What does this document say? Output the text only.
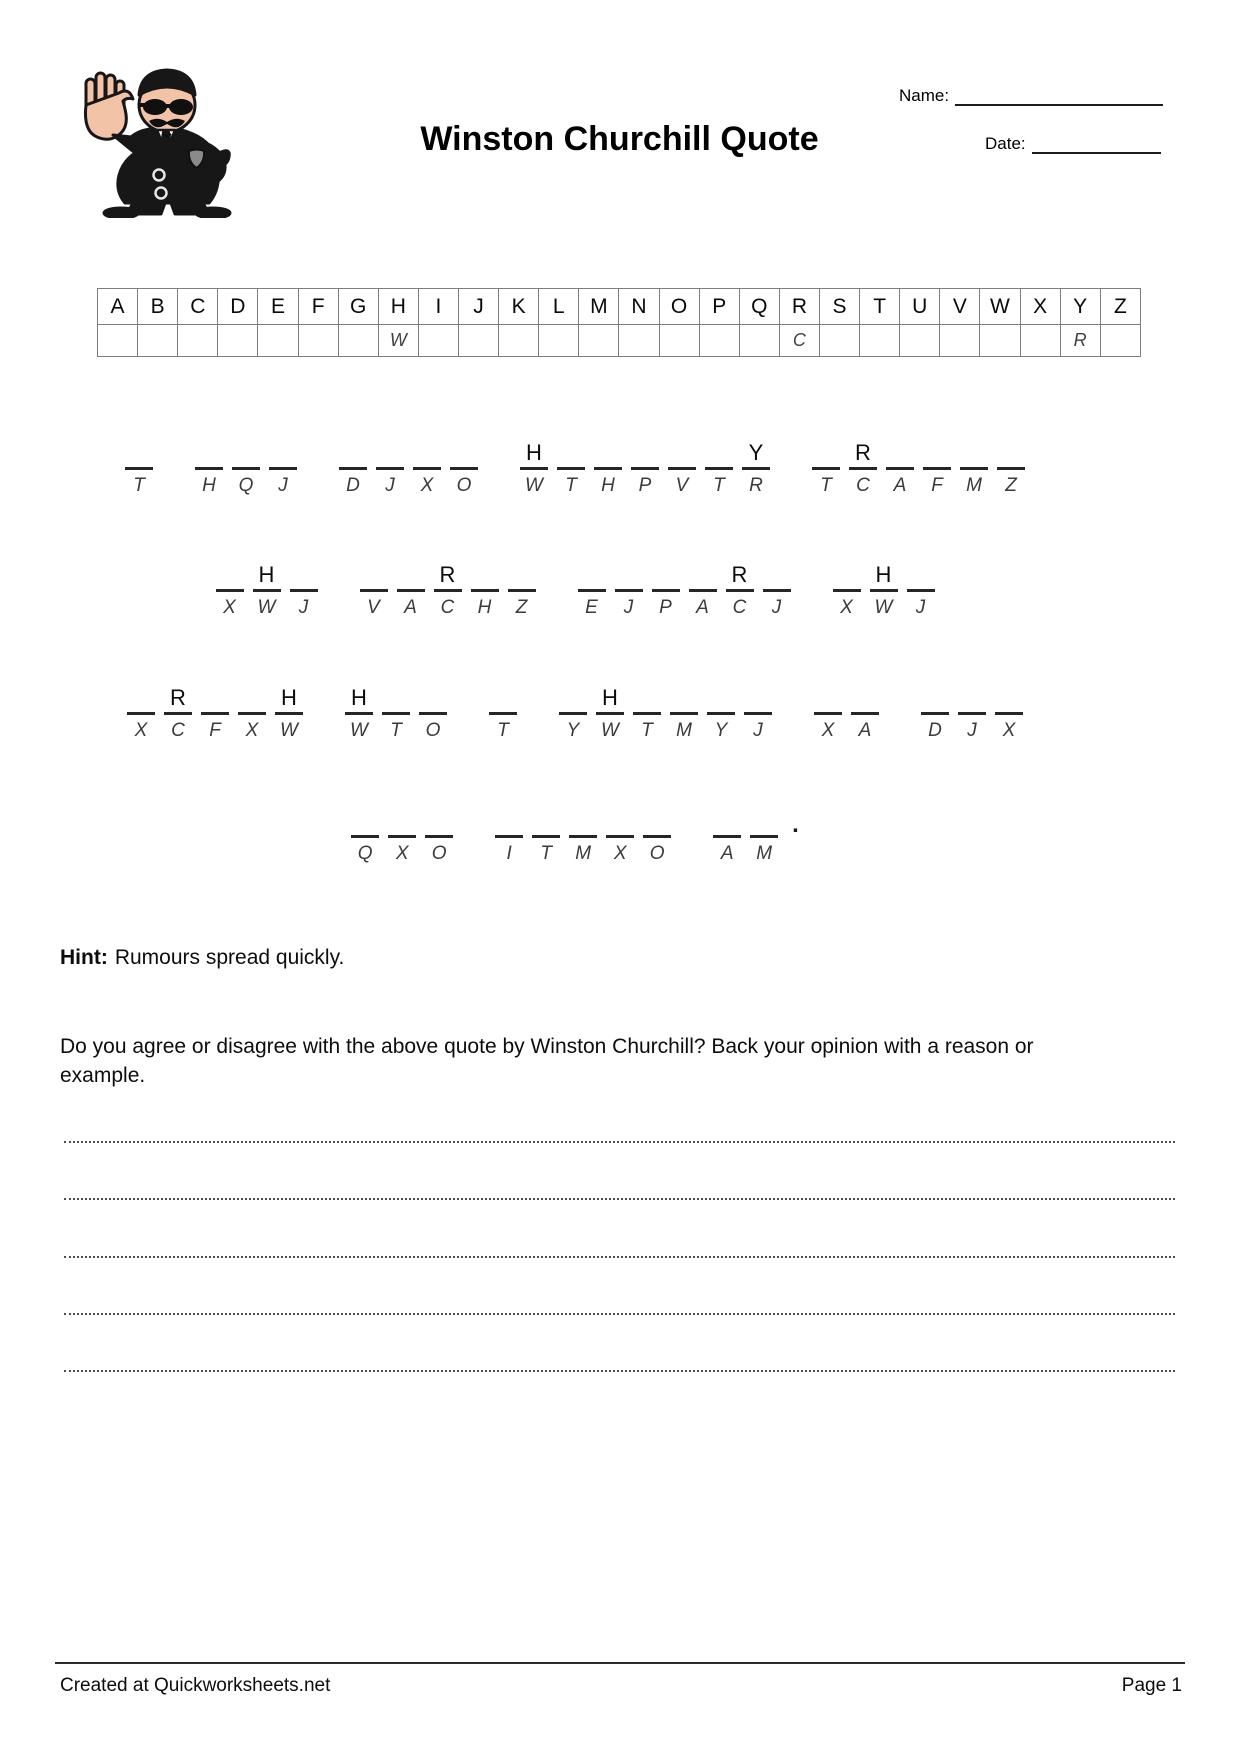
Winston Churchill Quote
Name:
Date:
A	B	C	D	E	F	G	H	I	J	K	L	M	N	O	P	Q	R	S	T	U	V	W	X	Y	Z
							W										C							R	
T	H Q J	D J X O
H
W T H P V T
Y
R	T
R
C A F M Z
X
H
W J	V A
R
C H Z	E J P A
R
C J	X
H
W J
X
R
C F X
H
W
H
W T O	T	Y
H
W T M Y J	X A	D J X
Q X O	I T M X O	A M
.
Hint: Rumours spread quickly.
Do you agree or disagree with the above quote by Winston Churchill? Back your opinion with a reason or example.
Created at Quickworksheets.net	Page 1
